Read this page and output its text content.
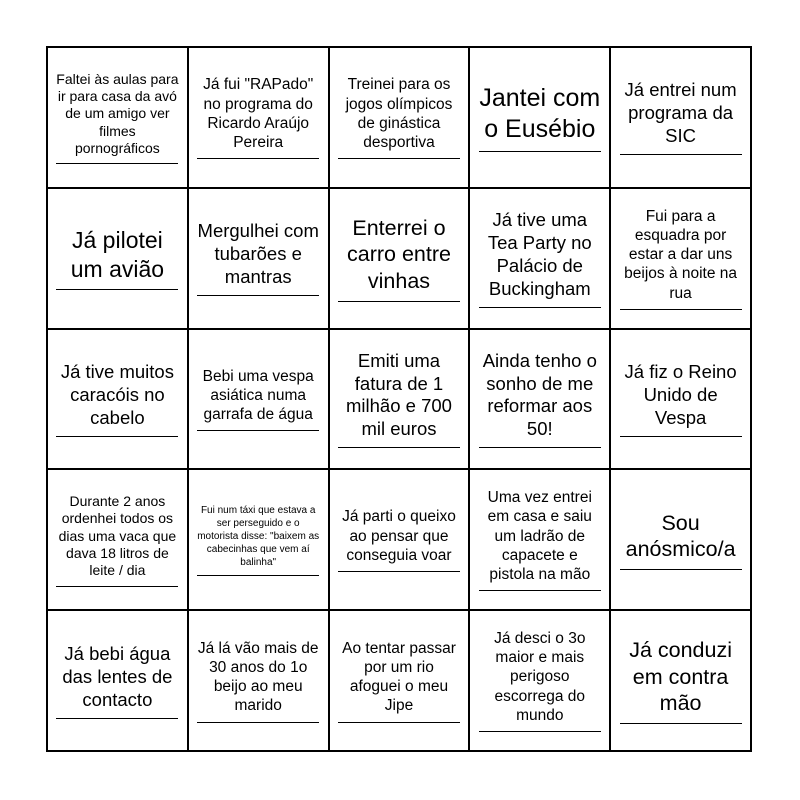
Faltei às aulas para ir para casa da avó de um amigo ver filmes pornográficos
Já fui "RAPado" no programa do Ricardo Araújo Pereira
Treinei para os jogos olímpicos de ginástica desportiva
Jantei com o Eusébio
Já entrei num programa da SIC
Já pilotei um avião
Mergulhei com tubarões e mantras
Enterrei o carro entre vinhas
Já tive uma Tea Party no Palácio de Buckingham
Fui para a esquadra por estar a dar uns beijos à noite na rua
Já tive muitos caracóis no cabelo
Bebi uma vespa asiática numa garrafa de água
Emiti uma fatura de 1 milhão e 700 mil euros
Ainda tenho o sonho de me reformar aos 50!
Já fiz o Reino Unido de Vespa
Durante 2 anos ordenhei todos os dias uma vaca que dava 18 litros de leite / dia
Fui num táxi que estava a ser perseguido e o motorista disse: "baixem as cabecinhas que vem aí balinha"
Já parti o queixo ao pensar que conseguia voar
Uma vez entrei em casa e saiu um ladrão de capacete e pistola na mão
Sou anósmico/a
Já bebi água das lentes de contacto
Já lá vão mais de 30 anos do 1o beijo ao meu marido
Ao tentar passar por um rio afoguei o meu Jipe
Já desci o 3o maior e mais perigoso escorrega do mundo
Já conduzi em contra mão
